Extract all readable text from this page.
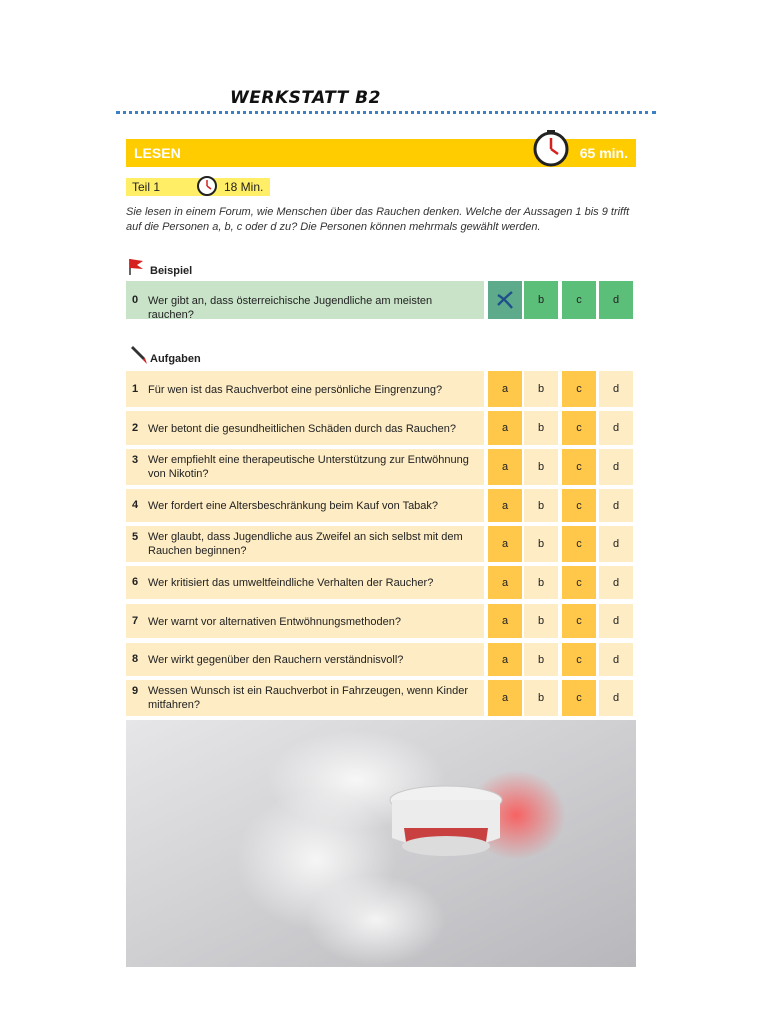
WERKSTATT B2
LESEN	65 min.
Teil 1	18 Min.
Sie lesen in einem Forum, wie Menschen über das Rauchen denken. Welche der Aussagen 1 bis 9 trifft auf die Personen a, b, c oder d zu? Die Personen können mehrmals gewählt werden.
Beispiel
0 Wer gibt an, dass österreichische Jugendliche am meisten rauchen?
b	c	d
Aufgaben
1 Für wen ist das Rauchverbot eine persönliche Eingrenzung?	a	b	c	d
2 Wer betont die gesundheitlichen Schäden durch das Rauchen?	a	b	c	d
3 Wer empfiehlt eine therapeutische Unterstützung zur Entwöhnung von Nikotin?
a	b	c	d
4 Wer fordert eine Altersbeschränkung beim Kauf von Tabak?	a	b	c	d
5 Wer glaubt, dass Jugendliche aus Zweifel an sich selbst mit dem Rauchen beginnen?
a	b	c	d
6 Wer kritisiert das umweltfeindliche Verhalten der Raucher?	a	b	c	d
7 Wer warnt vor alternativen Entwöhnungsmethoden?	a	b	c	d
8 Wer wirkt gegenüber den Rauchern verständnisvoll?	a	b	c	d
9 Wessen Wunsch ist ein Rauchverbot in Fahrzeugen, wenn Kinder mitfahren?
a	b	c	d
